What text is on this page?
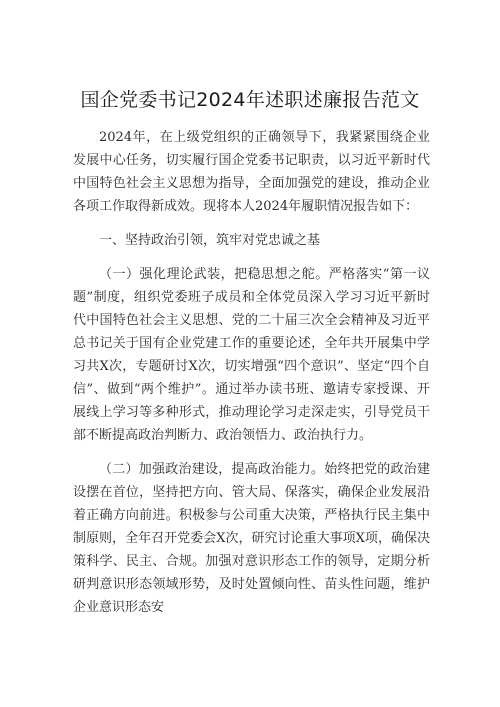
国企党委书记2024年述职述廉报告范文

2024年，在上级党组织的正确领导下，我紧紧围绕企业发展中心任务，切实履行国企党委书记职责，以习近平新时代中国特色社会主义思想为指导，全面加强党的建设，推动企业各项工作取得新成效。现将本人2024年履职情况报告如下：

一、坚持政治引领，筑牢对党忠诚之基

（一）强化理论武装，把稳思想之舵。严格落实“第一议题”制度，组织党委班子成员和全体党员深入学习习近平新时代中国特色社会主义思想、党的二十届三次全会精神及习近平总书记关于国有企业党建工作的重要论述，全年共开展集中学习共X次，专题研讨X次，切实增强“四个意识”、坚定“四个自信”、做到“两个维护”。通过举办读书班、邀请专家授课、开展线上学习等多种形式，推动理论学习走深走实，引导党员干部不断提高政治判断力、政治领悟力、政治执行力。

（二）加强政治建设，提高政治能力。始终把党的政治建设摆在首位，坚持把方向、管大局、保落实，确保企业发展沿着正确方向前进。积极参与公司重大决策，严格执行民主集中制原则，全年召开党委会X次，研究讨论重大事项X项，确保决策科学、民主、合规。加强对意识形态工作的领导，定期分析研判意识形态领域形势，及时处置倾向性、苗头性问题，维护企业意识形态安
